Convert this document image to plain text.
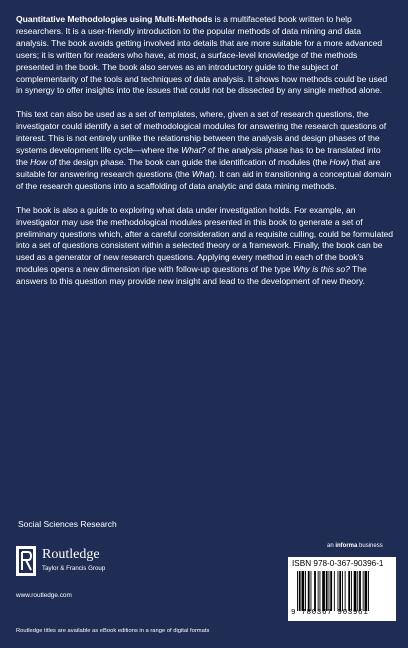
Quantitative Methodologies using Multi-Methods is a multifaceted book written to help researchers. It is a user-friendly introduction to the popular methods of data mining and data analysis. The book avoids getting involved into details that are more suitable for a more advanced users; it is written for readers who have, at most, a surface-level knowledge of the methods presented in the book. The book also serves as an introductory guide to the subject of complementarity of the tools and techniques of data analysis. It shows how methods could be used in synergy to offer insights into the issues that could not be dissected by any single method alone.

This text can also be used as a set of templates, where, given a set of research questions, the investigator could identify a set of methodological modules for answering the research questions of interest. This is not entirely unlike the relationship between the analysis and design phases of the systems development life cycle—where the What? of the analysis phase has to be translated into the How of the design phase. The book can guide the identification of modules (the How) that are suitable for answering research questions (the What). It can aid in transitioning a conceptual domain of the research questions into a scaffolding of data analytic and data mining methods.

The book is also a guide to exploring what data under investigation holds. For example, an investigator may use the methodological modules presented in this book to generate a set of preliminary questions which, after a careful consideration and a requisite culling, could be formulated into a set of questions consistent within a selected theory or a framework. Finally, the book can be used as a generator of new research questions. Applying every method in each of the book's modules opens a new dimension ripe with follow-up questions of the type Why is this so? The answers to this question may provide new insight and lead to the development of new theory.

Social Sciences Research
Routledge
Taylor & Francis Group
www.routledge.com
an informa business
ISBN 978-0-367-90396-1
9 780367 903961
Routledge titles are available as eBook editions in a range of digital formats
